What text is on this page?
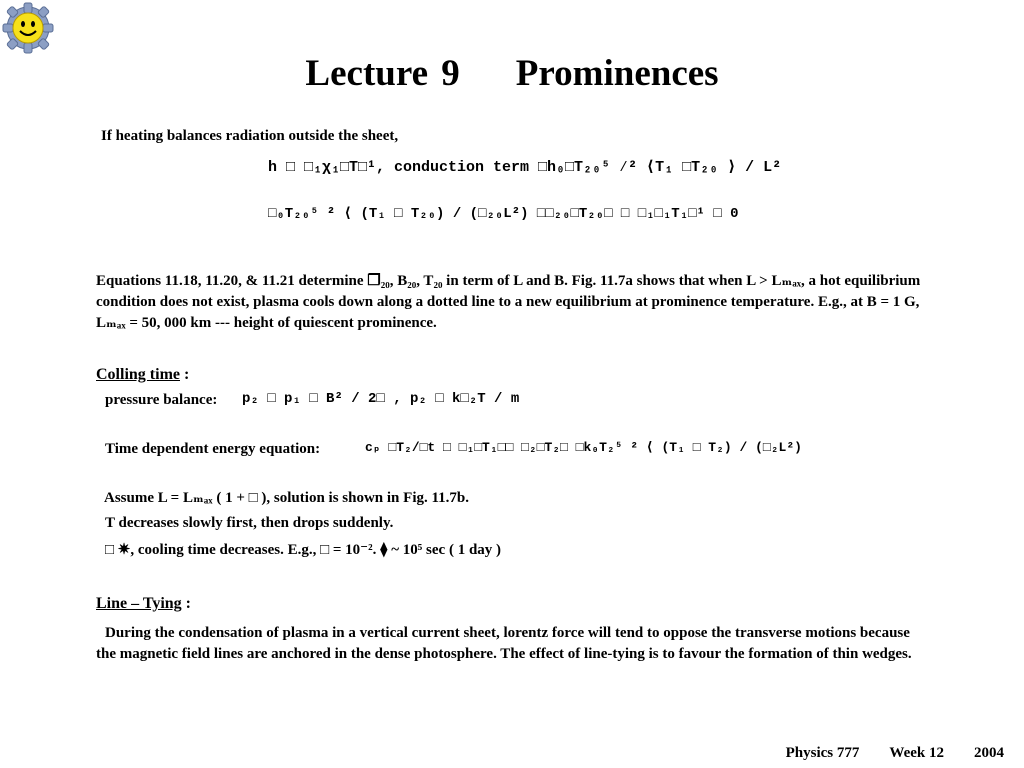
Lecture 9 Prominences
If heating balances radiation outside the sheet,
h □ □₁χ₁□T□¹, conduction term □h₀□T₂₀⁵ ⁄² ⟨T₁ □T₂₀ ⟩ / L²
□₀T₂₀⁵ ² ⟨ (T₁ □ T₂₀) / (□₂₀L²) □□₂₀□T₂₀□ □ □₁□₁T₁□¹ □ 0
Equations 11.18, 11.20, & 11.21 determine ❐₂₀, B₂₀, T₂₀ in term of L and B. Fig. 11.7a shows that when L > Lₘₐₓ, a hot equilibrium condition does not exist, plasma cools down along a dotted line to a new equilibrium at prominence temperature. E.g., at B = 1 G, Lₘₐₓ = 50, 000 km --- height of quiescent prominence.
Colling time :
pressure balance: p₂ □ p₁ □ B² / 2□ , p₂ □ k□₂T / m
Time dependent energy equation:	cₚ □T₂/□t □ □₁□T₁□□ □₂□T₂□ □k₀T₂⁵ ² ⟨ (T₁ □ T₂) / (□₂L²)
Assume L = Lₘₐₓ ( 1 + □ ), solution is shown in Fig. 11.7b.
T decreases slowly first, then drops suddenly.
□ ✷, cooling time decreases. E.g., □ = 10⁻². ⧫ ~ 10⁵ sec ( 1 day )
Line – Tying :
During the condensation of plasma in a vertical current sheet, lorentz force will tend to oppose the transverse motions because the magnetic field lines are anchored in the dense photosphere. The effect of line-tying is to favour the formation of thin wedges.
Physics 777 Week 12 2004
